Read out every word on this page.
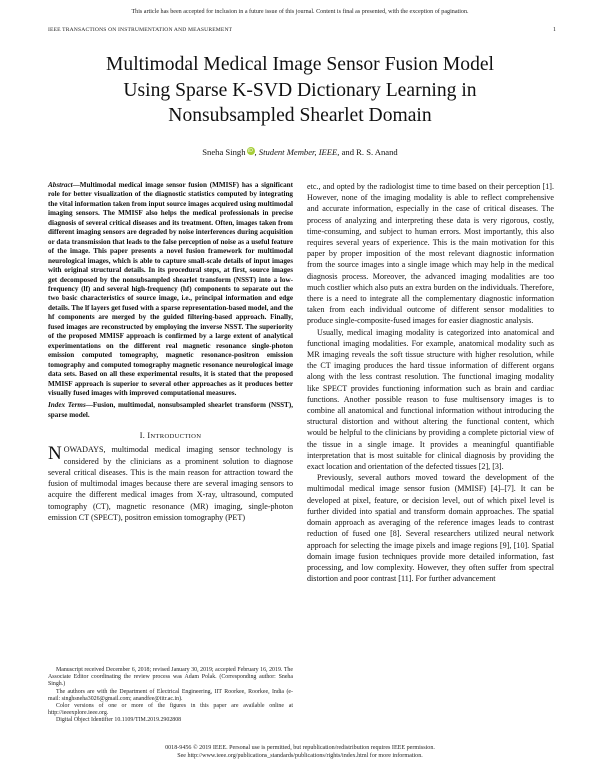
This article has been accepted for inclusion in a future issue of this journal. Content is final as presented, with the exception of pagination.
IEEE TRANSACTIONS ON INSTRUMENTATION AND MEASUREMENT	1
Multimodal Medical Image Sensor Fusion Model
Using Sparse K-SVD Dictionary Learning in
Nonsubsampled Shearlet Domain
Sneha Singh iD , Student Member, IEEE, and R. S. Anand

Abstract—Multimodal medical image sensor fusion (MMISF) has a significant role for better visualization of the diagnostic statistics computed by integrating the vital information taken from input source images acquired using multimodal imaging sensors. The MMISF also helps the medical professionals in precise diagnosis of several critical diseases and its treatment. Often, images taken from different imaging sensors are degraded by noise interferences during acquisition or data transmission that leads to the false perception of noise as a useful feature of the image. This paper presents a novel fusion framework for multimodal neurological images, which is able to capture small-scale details of input images with original structural details. In its procedural steps, at first, source images get decomposed by the nonsubsampled shearlet transform (NSST) into a low-frequency (lf) and several high-frequency (hf) components to separate out the two basic characteristics of source image, i.e., principal information and edge details. The lf layers get fused with a sparse representation-based model, and the hf components are merged by the guided filtering-based approach. Finally, fused images are reconstructed by employing the inverse NSST. The superiority of the proposed MMISF approach is confirmed by a large extent of analytical experimentations on the different real magnetic resonance single-photon emission computed tomography, magnetic resonance-positron emission tomography and computed tomography magnetic resonance neurological image data sets. Based on all these experimental results, it is stated that the proposed MMISF approach is superior to several other approaches as it produces better visually fused images with improved computational measures.

Index Terms—Fusion, multimodal, nonsubsampled shearlet transform (NSST), sparse model.

I. INTRODUCTION

NOWADAYS, multimodal medical imaging sensor technology is considered by the clinicians as a prominent solution to diagnose several critical diseases. This is the main reason for attraction toward the fusion of multimodal images because there are several imaging sensors to acquire the different medical images from X-ray, ultrasound, computed tomography (CT), magnetic resonance (MR) imaging, single-photon emission CT (SPECT), positron emission tomography (PET)

Manuscript received December 6, 2018; revised January 30, 2019; accepted February 16, 2019. The Associate Editor coordinating the review process was Adam Polak. (Corresponding author: Sneha Singh.)

The authors are with the Department of Electrical Engineering, IIT Roorkee, Roorkee, India (e-mail: singhsneha3026@gmail.com; anandfee@iitr.ac.in).

Color versions of one or more of the figures in this paper are available online at http://ieeexplore.ieee.org.

Digital Object Identifier 10.1109/TIM.2019.2902808

etc., and opted by the radiologist time to time based on their perception [1]. However, none of the imaging modality is able to reflect comprehensive and accurate information, especially in the case of critical diseases. The process of analyzing and interpreting these data is very rigorous, costly, time-consuming, and subject to human errors. Most importantly, this also requires several years of experience. This is the main motivation for this paper by proper imposition of the most relevant diagnostic information from the source images into a single image which may help in the medical diagnosis process. Moreover, the advanced imaging modalities are too much costlier which also puts an extra burden on the individuals. Therefore, there is a need to integrate all the complementary diagnostic information taken from each individual outcome of different sensor modalities to produce single-composite-fused images for easier diagnostic analysis.

Usually, medical imaging modality is categorized into anatomical and functional imaging modalities. For example, anatomical modality such as MR imaging reveals the soft tissue structure with higher resolution, while the CT imaging produces the hard tissue information of different organs along with the less contrast resolution. The functional imaging modality like SPECT provides functioning information such as brain and cardiac functions. Another possible reason to fuse multisensory images is to combine all anatomical and functional information without introducing the structural distortion and without altering the functional content, which would be helpful to the clinicians by providing a complete pictorial view of the tissue in a single image. It provides a meaningful quantifiable interpretation that is most suitable for clinical diagnosis by providing the exact location and orientation of the defected tissues [2], [3].

Previously, several authors moved toward the development of the multimodal medical image sensor fusion (MMISF) [4]–[7]. It can be developed at pixel, feature, or decision level, out of which pixel level is further divided into spatial and transform domain approaches. The spatial domain approach as averaging of the reference images leads to contrast reduction of fused one [8]. Several researchers utilized neural network approach for selecting the image pixels and image regions [9], [10]. Spatial domain image fusion techniques provide more detailed information, fast processing, and low complexity. However, they often suffer from spectral distortion and poor contrast [11]. For further advancement

0018-9456 © 2019 IEEE. Personal use is permitted, but republication/redistribution requires IEEE permission.
See http://www.ieee.org/publications_standards/publications/rights/index.html for more information.
